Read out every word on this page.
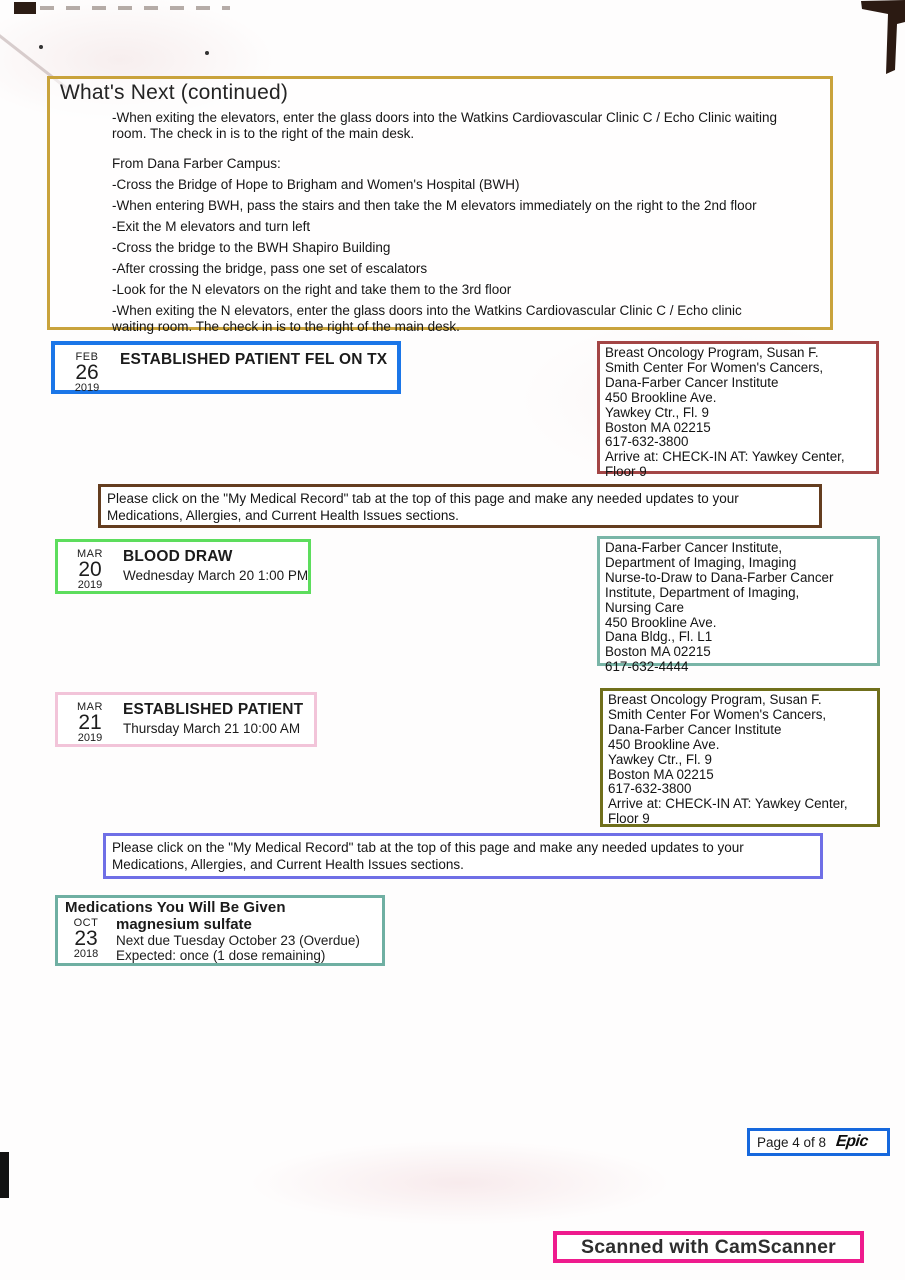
What's Next (continued)

-When exiting the elevators, enter the glass doors into the Watkins Cardiovascular Clinic C / Echo Clinic waiting room. The check in is to the right of the main desk.

From Dana Farber Campus:
-Cross the Bridge of Hope to Brigham and Women's Hospital (BWH)
-When entering BWH, pass the stairs and then take the M elevators immediately on the right to the 2nd floor
-Exit the M elevators and turn left
-Cross the bridge to the BWH Shapiro Building
-After crossing the bridge, pass one set of escalators
-Look for the N elevators on the right and take them to the 3rd floor
-When exiting the N elevators, enter the glass doors into the Watkins Cardiovascular Clinic C / Echo clinic waiting room. The check in is to the right of the main desk.
FEB
26
2019
ESTABLISHED PATIENT FEL ON TX	Breast Oncology Program, Susan F.
Smith Center For Women's Cancers,
Dana-Farber Cancer Institute
450 Brookline Ave.
Yawkey Ctr., Fl. 9
Boston MA 02215
617-632-3800
Arrive at: CHECK-IN AT: Yawkey Center,
Floor 9
Please click on the "My Medical Record" tab at the top of this page and make any needed updates to your Medications, Allergies, and Current Health Issues sections.
MAR
20
2019
BLOOD DRAW
Wednesday March 20 1:00 PM
Dana-Farber Cancer Institute,
Department of Imaging, Imaging
Nurse-to-Draw to Dana-Farber Cancer
Institute, Department of Imaging,
Nursing Care
450 Brookline Ave.
Dana Bldg., Fl. L1
Boston MA 02215
617-632-4444
MAR
21
2019
ESTABLISHED PATIENT
Thursday March 21 10:00 AM
Breast Oncology Program, Susan F.
Smith Center For Women's Cancers,
Dana-Farber Cancer Institute
450 Brookline Ave.
Yawkey Ctr., Fl. 9
Boston MA 02215
617-632-3800
Arrive at: CHECK-IN AT: Yawkey Center,
Floor 9
Please click on the "My Medical Record" tab at the top of this page and make any needed updates to your Medications, Allergies, and Current Health Issues sections.
Medications You Will Be Given
OCT
23
2018
magnesium sulfate
Next due Tuesday October 23 (Overdue)
Expected: once (1 dose remaining)
Page 4 of 8 Epic
Scanned with CamScanner
